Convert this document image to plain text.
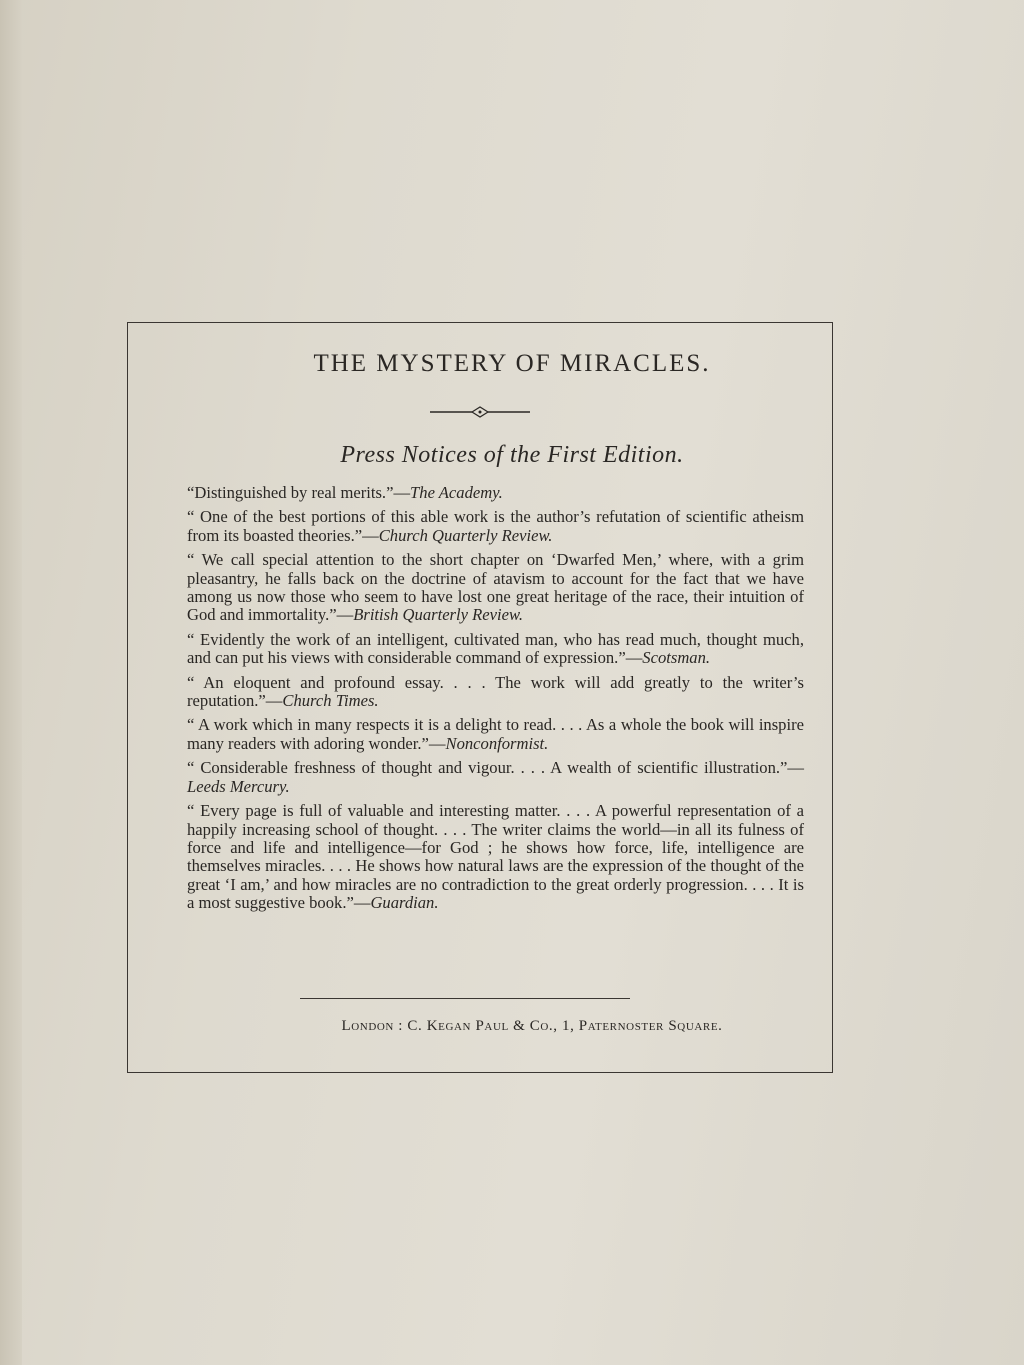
THE MYSTERY OF MIRACLES.
Press Notices of the First Edition.

“Distinguished by real merits.”—The Academy.

“ One of the best portions of this able work is the author’s refutation of scientific atheism from its boasted theories.”—Church Quarterly Review.

“ We call special attention to the short chapter on ‘Dwarfed Men,’ where, with a grim pleasantry, he falls back on the doctrine of atavism to account for the fact that we have among us now those who seem to have lost one great heritage of the race, their intuition of God and immortality.”—British Quarterly Review.

“ Evidently the work of an intelligent, cultivated man, who has read much, thought much, and can put his views with considerable command of expression.”—Scotsman.

“ An eloquent and profound essay. . . . The work will add greatly to the writer’s reputation.”—Church Times.

“ A work which in many respects it is a delight to read. . . . As a whole the book will inspire many readers with adoring wonder.”—Nonconformist.

“ Considerable freshness of thought and vigour. . . . A wealth of scientific illustration.”—Leeds Mercury.

“ Every page is full of valuable and interesting matter. . . . A powerful representation of a happily increasing school of thought. . . . The writer claims the world—in all its fulness of force and life and intelligence—for God ; he shows how force, life, intelligence are themselves miracles. . . . He shows how natural laws are the expression of the thought of the great ‘I am,’ and how miracles are no contradiction to the great orderly progression. . . . It is a most suggestive book.”—Guardian.

London : C. Kegan Paul & Co., 1, Paternoster Square.
